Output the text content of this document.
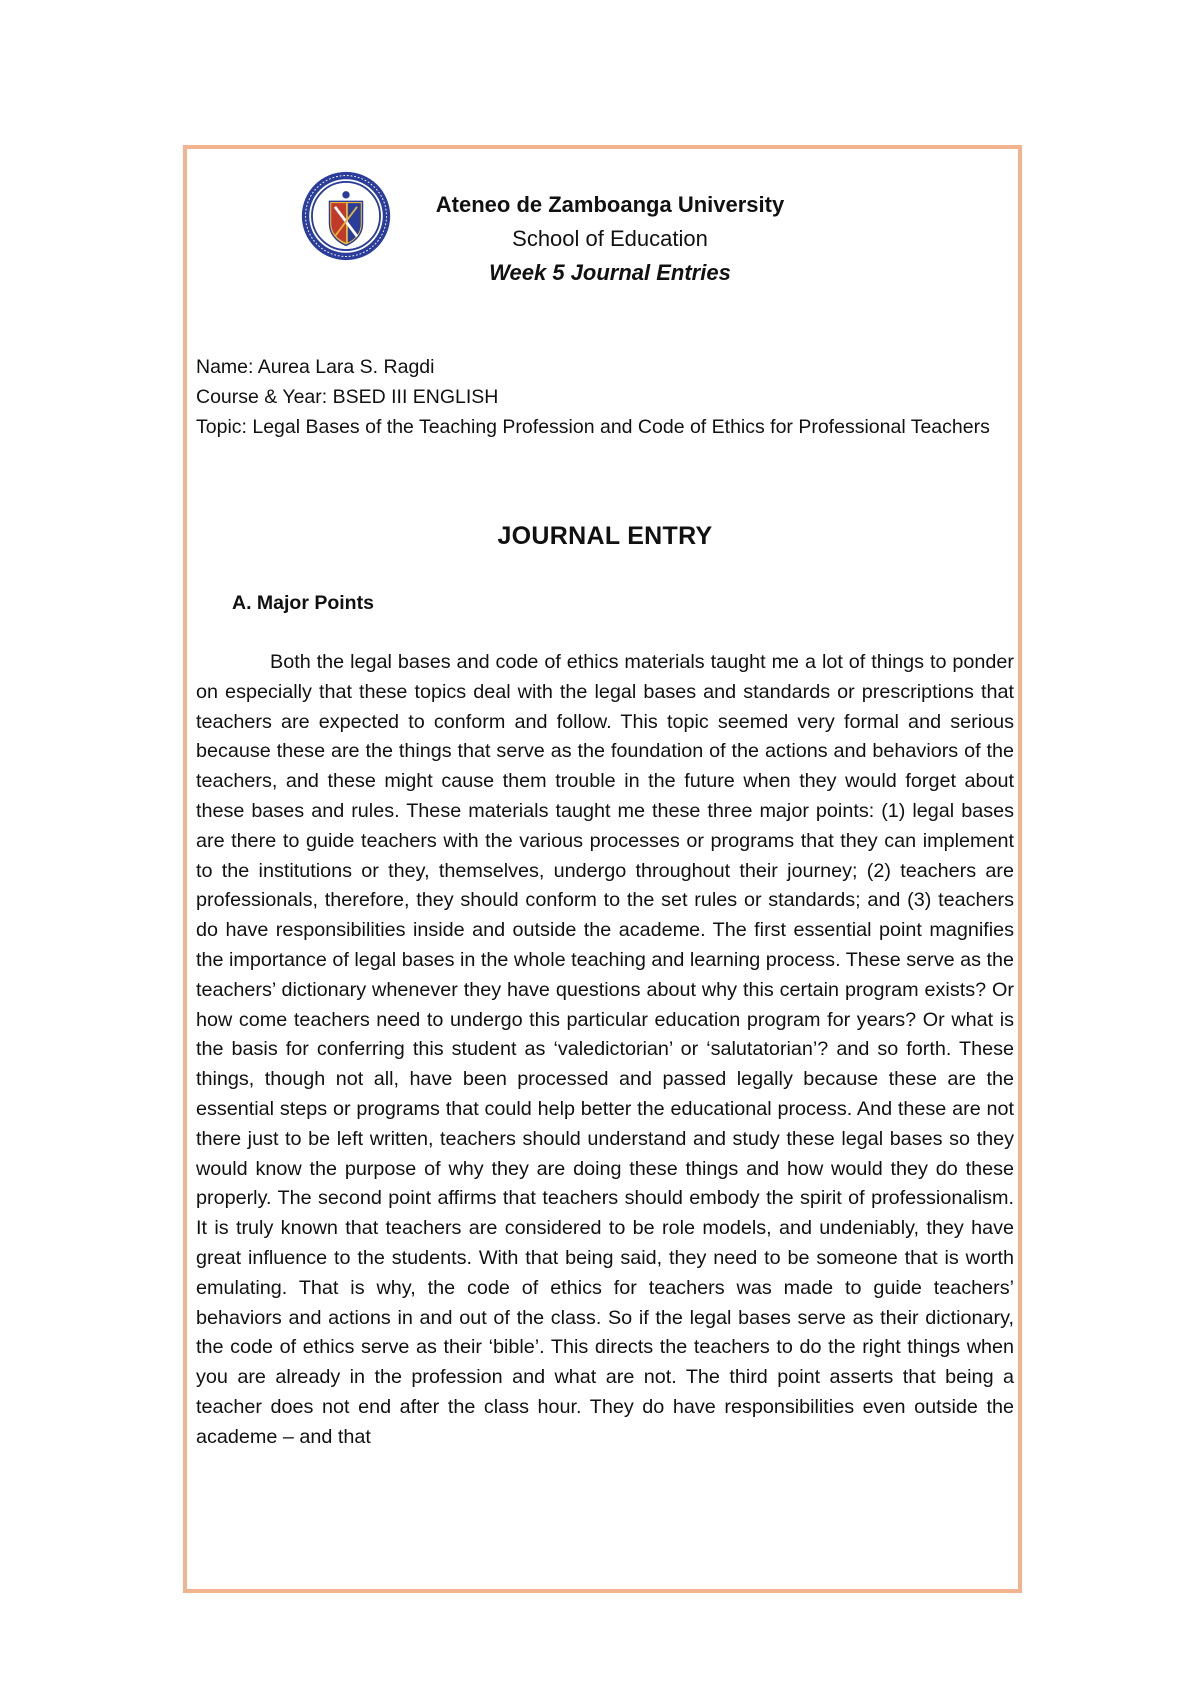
Ateneo de Zamboanga University
School of Education
Week 5 Journal Entries
Name: Aurea Lara S. Ragdi
Course & Year: BSED III ENGLISH
Topic: Legal Bases of the Teaching Profession and Code of Ethics for Professional Teachers
JOURNAL ENTRY
A. Major Points

Both the legal bases and code of ethics materials taught me a lot of things to ponder on especially that these topics deal with the legal bases and standards or prescriptions that teachers are expected to conform and follow. This topic seemed very formal and serious because these are the things that serve as the foundation of the actions and behaviors of the teachers, and these might cause them trouble in the future when they would forget about these bases and rules. These materials taught me these three major points: (1) legal bases are there to guide teachers with the various processes or programs that they can implement to the institutions or they, themselves, undergo throughout their journey; (2) teachers are professionals, therefore, they should conform to the set rules or standards; and (3) teachers do have responsibilities inside and outside the academe. The first essential point magnifies the importance of legal bases in the whole teaching and learning process. These serve as the teachers’ dictionary whenever they have questions about why this certain program exists? Or how come teachers need to undergo this particular education program for years? Or what is the basis for conferring this student as ‘valedictorian’ or ‘salutatorian’? and so forth. These things, though not all, have been processed and passed legally because these are the essential steps or programs that could help better the educational process. And these are not there just to be left written, teachers should understand and study these legal bases so they would know the purpose of why they are doing these things and how would they do these properly. The second point affirms that teachers should embody the spirit of professionalism. It is truly known that teachers are considered to be role models, and undeniably, they have great influence to the students. With that being said, they need to be someone that is worth emulating. That is why, the code of ethics for teachers was made to guide teachers’ behaviors and actions in and out of the class. So if the legal bases serve as their dictionary, the code of ethics serve as their ‘bible’. This directs the teachers to do the right things when you are already in the profession and what are not. The third point asserts that being a teacher does not end after the class hour. They do have responsibilities even outside the academe – and that
